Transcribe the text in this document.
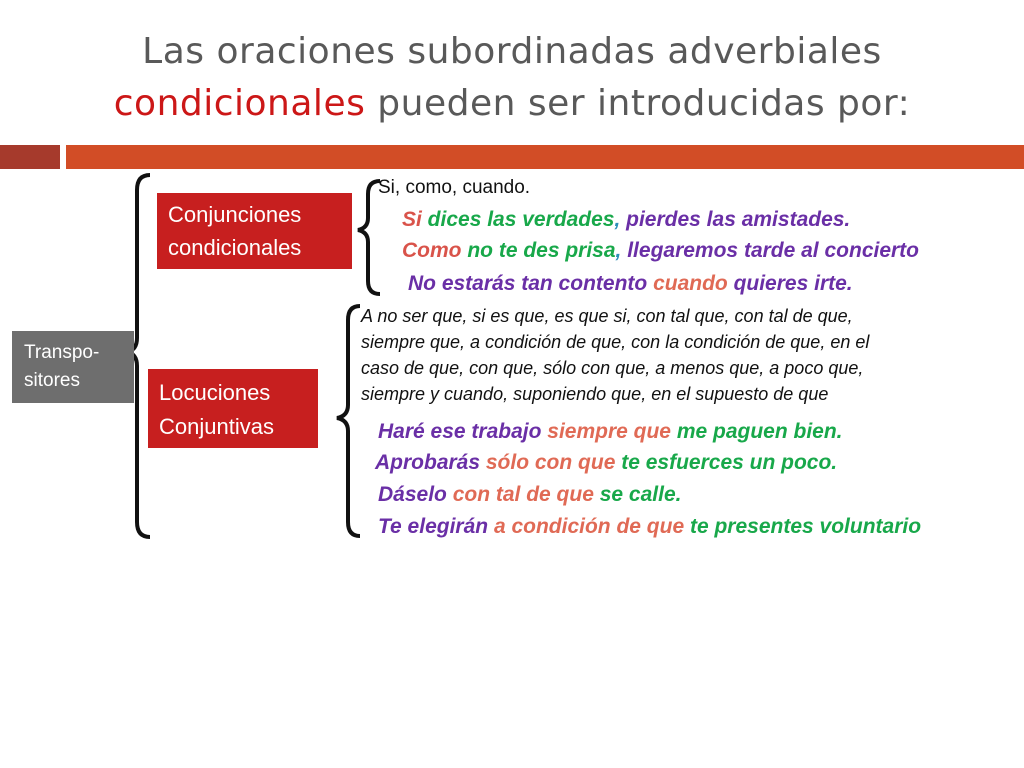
Las oraciones subordinadas adverbiales
condicionales pueden ser introducidas por:
Transpo-
sitores
Conjunciones
condicionales
Locuciones
Conjuntivas
Si, como, cuando.
Si dices las verdades, pierdes las amistades.
Como no te des prisa, llegaremos tarde al concierto
No estarás tan contento cuando quieres irte.
A no ser que, si es que, es que si, con tal que, con tal de que,
siempre que, a condición de que, con la condición de que, en el
caso de que, con que, sólo con que, a menos que, a poco que,
siempre y cuando, suponiendo que, en el supuesto de que
Haré ese trabajo siempre que me paguen bien.
Aprobarás sólo con que te esfuerces un poco.
Dáselo con tal de que se calle.
Te elegirán a condición de que te presentes voluntario
